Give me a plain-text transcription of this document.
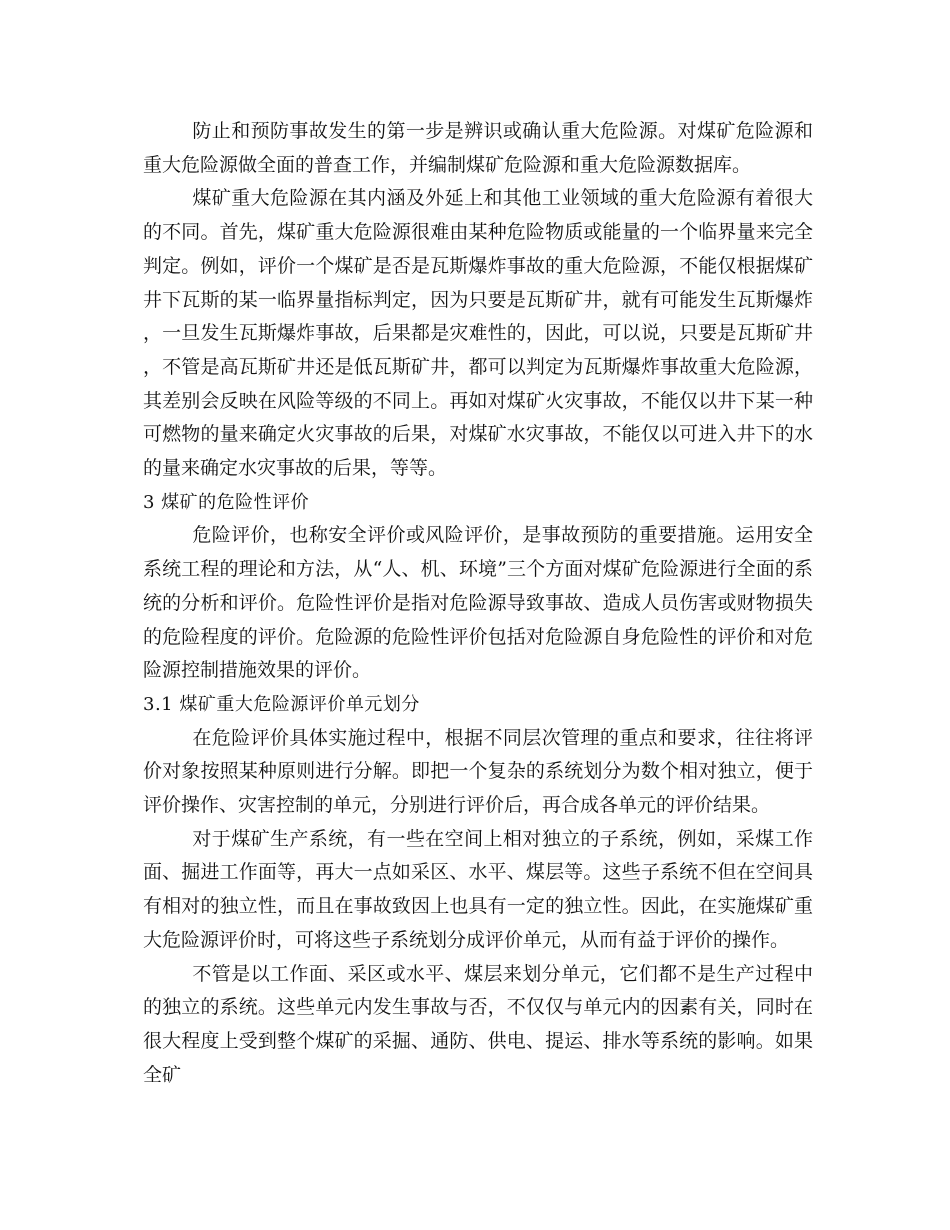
防止和预防事故发生的第一步是辨识或确认重大危险源。对煤矿危险源和重大危险源做全面的普查工作，并编制煤矿危险源和重大危险源数据库。

煤矿重大危险源在其内涵及外延上和其他工业领域的重大危险源有着很大的不同。首先，煤矿重大危险源很难由某种危险物质或能量的一个临界量来完全判定。例如，评价一个煤矿是否是瓦斯爆炸事故的重大危险源，不能仅根据煤矿井下瓦斯的某一临界量指标判定，因为只要是瓦斯矿井，就有可能发生瓦斯爆炸，一旦发生瓦斯爆炸事故，后果都是灾难性的，因此，可以说，只要是瓦斯矿井，不管是高瓦斯矿井还是低瓦斯矿井，都可以判定为瓦斯爆炸事故重大危险源，其差别会反映在风险等级的不同上。再如对煤矿火灾事故，不能仅以井下某一种可燃物的量来确定火灾事故的后果，对煤矿水灾事故，不能仅以可进入井下的水的量来确定水灾事故的后果，等等。

3 煤矿的危险性评价

危险评价，也称安全评价或风险评价，是事故预防的重要措施。运用安全系统工程的理论和方法，从“人、机、环境”三个方面对煤矿危险源进行全面的系统的分析和评价。危险性评价是指对危险源导致事故、造成人员伤害或财物损失的危险程度的评价。危险源的危险性评价包括对危险源自身危险性的评价和对危险源控制措施效果的评价。

3.1 煤矿重大危险源评价单元划分

在危险评价具体实施过程中，根据不同层次管理的重点和要求，往往将评价对象按照某种原则进行分解。即把一个复杂的系统划分为数个相对独立，便于评价操作、灾害控制的单元，分别进行评价后，再合成各单元的评价结果。

对于煤矿生产系统，有一些在空间上相对独立的子系统，例如，采煤工作面、掘进工作面等，再大一点如采区、水平、煤层等。这些子系统不但在空间具有相对的独立性，而且在事故致因上也具有一定的独立性。因此，在实施煤矿重大危险源评价时，可将这些子系统划分成评价单元，从而有益于评价的操作。

不管是以工作面、采区或水平、煤层来划分单元，它们都不是生产过程中的独立的系统。这些单元内发生事故与否，不仅仅与单元内的因素有关，同时在很大程度上受到整个煤矿的采掘、通防、供电、提运、排水等系统的影响。如果全矿
